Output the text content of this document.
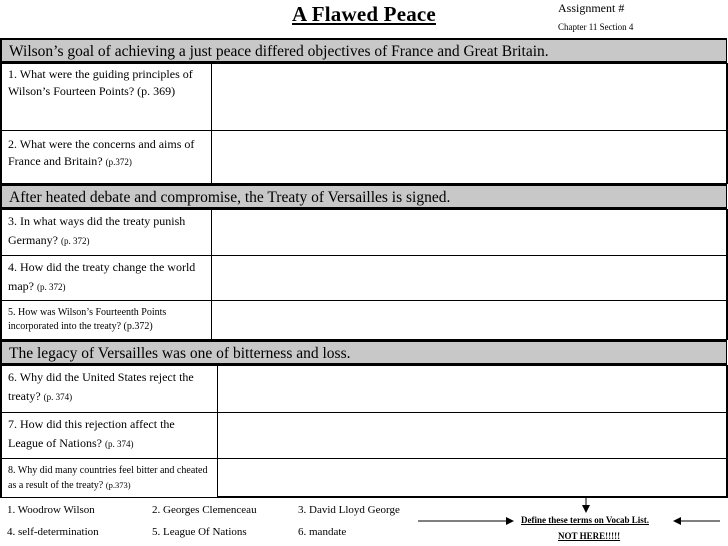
A Flawed Peace	Assignment #
Chapter 11 Section 4
Wilson’s goal of achieving a just peace differed objectives of France and Great Britain.
1. What were the guiding principles of Wilson’s Fourteen Points? (p. 369)
2. What were the concerns and aims of France and Britain? (p.372)
After heated debate and compromise, the Treaty of Versailles is signed.
3. In what ways did the treaty punish Germany? (p. 372)
4. How did the treaty change the world map? (p. 372)
5. How was Wilson’s Fourteenth Points incorporated into the treaty? (p.372)
The legacy of Versailles was one of bitterness and loss.
6. Why did the United States reject the treaty? (p. 374)
7. How did this rejection affect the League of Nations? (p. 374)
8. Why did many countries feel bitter and cheated as a result of the treaty? (p.373)
1. Woodrow Wilson	2. Georges Clemenceau	3. David Lloyd George
4. self-determination	5. League Of Nations	6. mandate
Define these terms on Vocab List.
NOT HERE!!!!!
